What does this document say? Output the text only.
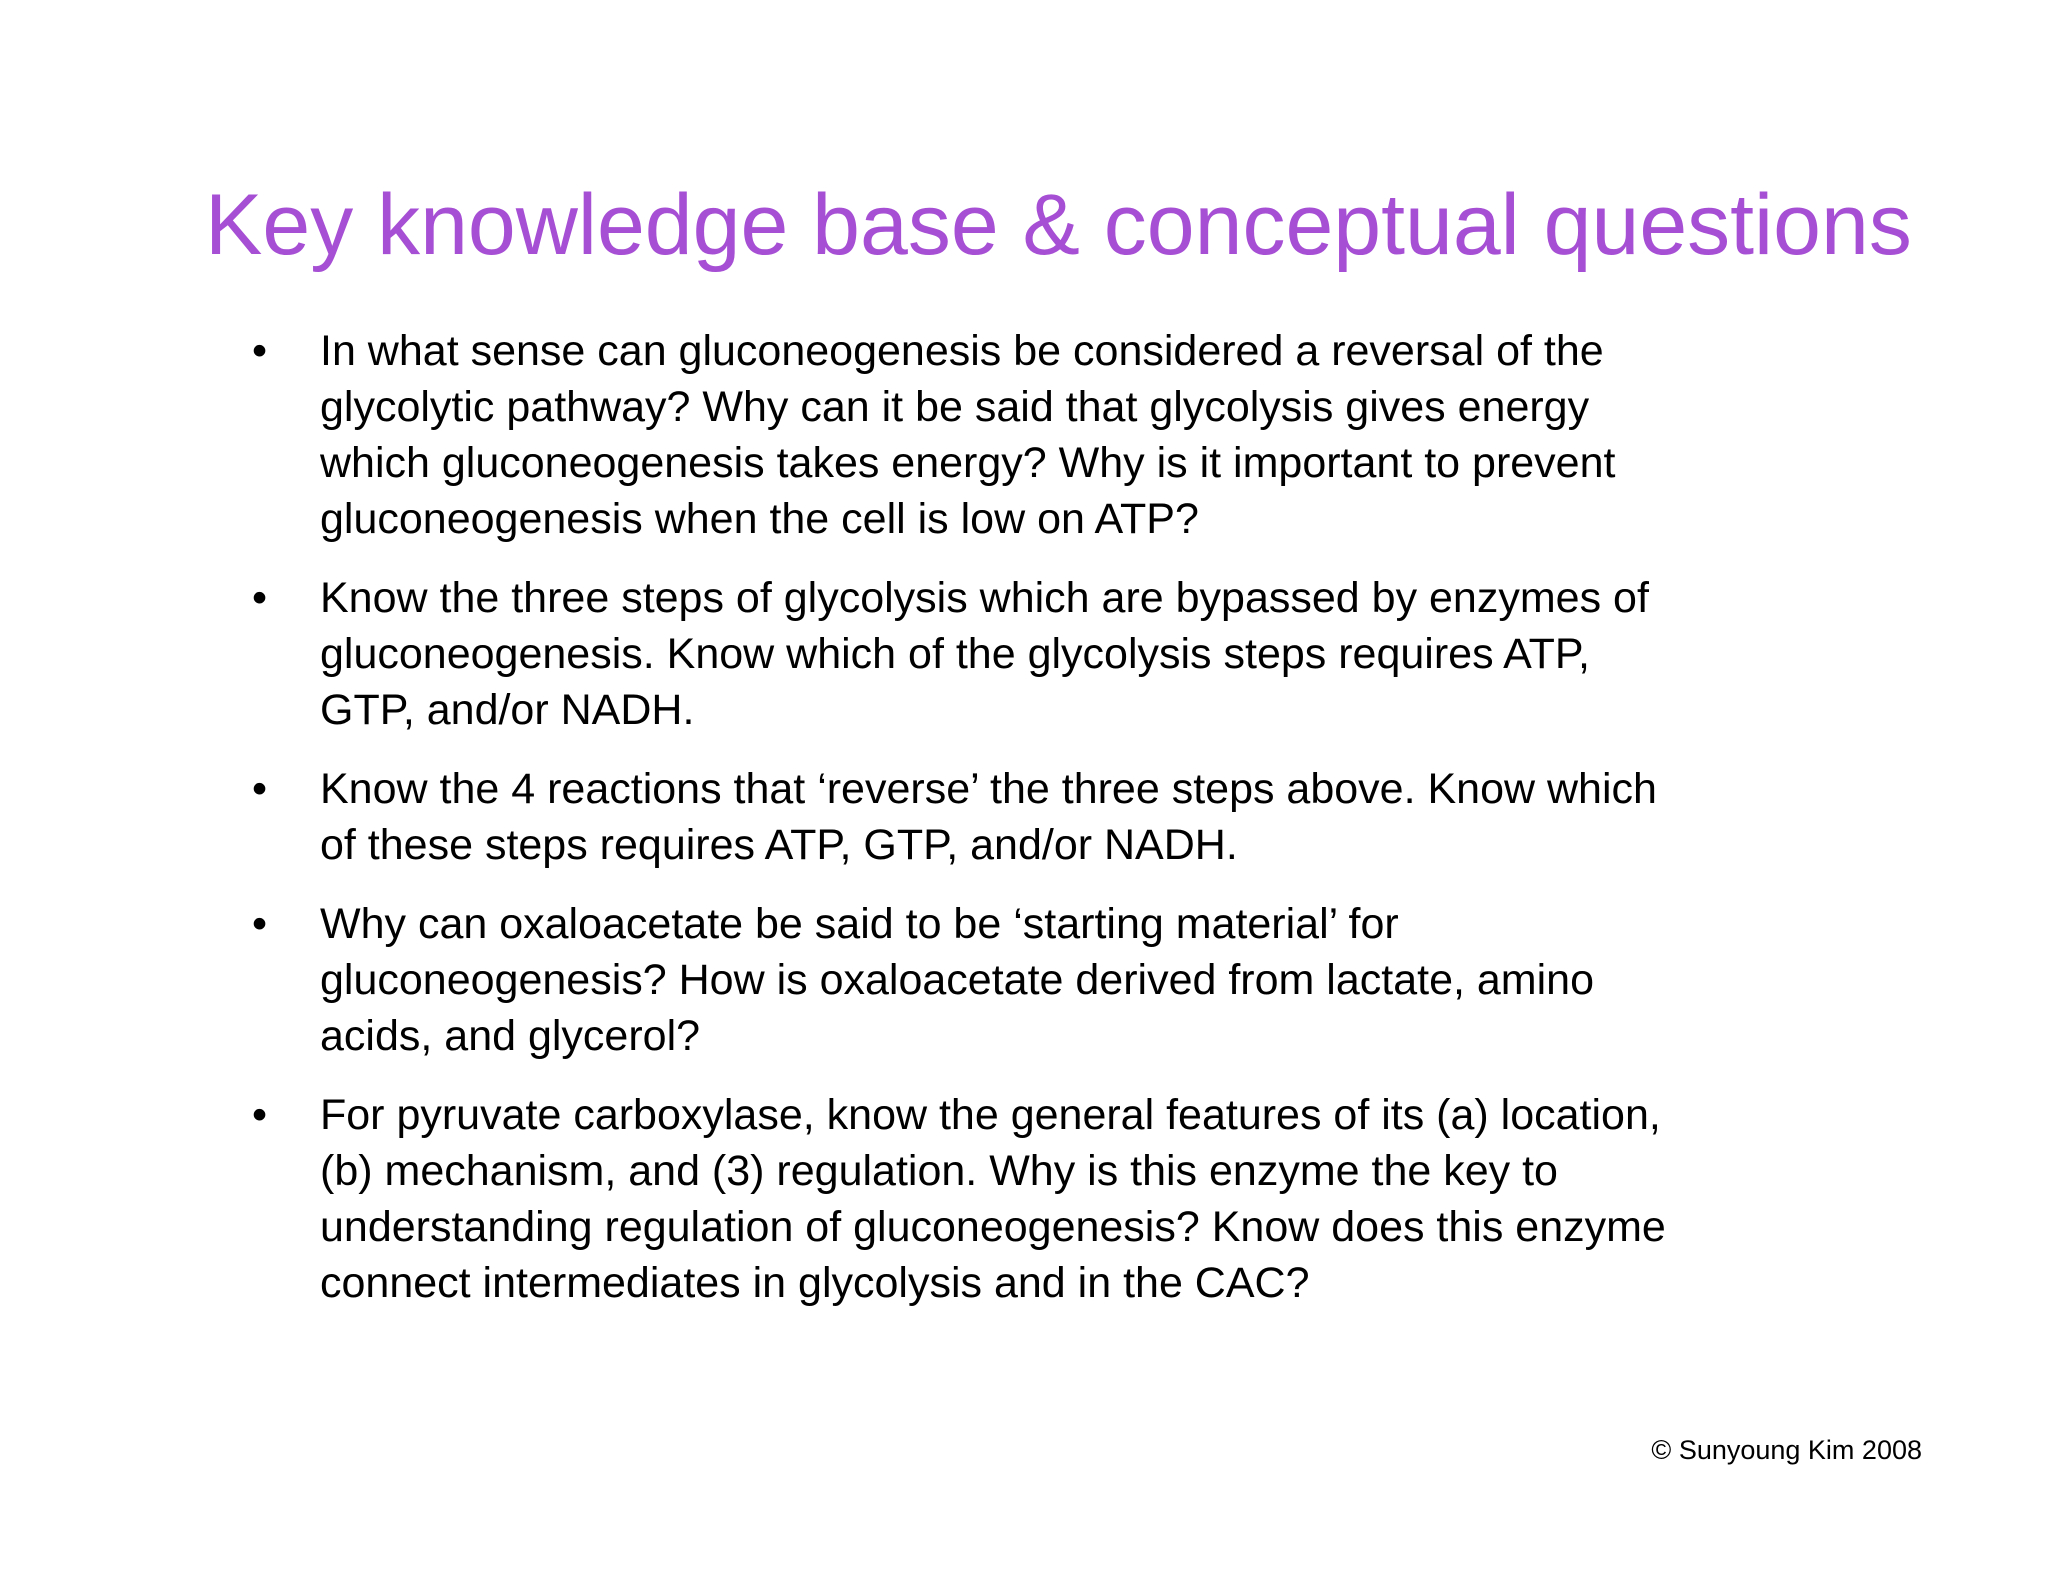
Key knowledge base & conceptual questions
• In what sense can gluconeogenesis be considered a reversal of the
glycolytic pathway? Why can it be said that glycolysis gives energy
which gluconeogenesis takes energy? Why is it important to prevent
gluconeogenesis when the cell is low on ATP?
• Know the three steps of glycolysis which are bypassed by enzymes of
gluconeogenesis. Know which of the glycolysis steps requires ATP,
GTP, and/or NADH.
• Know the 4 reactions that ‘reverse’ the three steps above. Know which
of these steps requires ATP, GTP, and/or NADH.
• Why can oxaloacetate be said to be ‘starting material’ for
gluconeogenesis? How is oxaloacetate derived from lactate, amino
acids, and glycerol?
• For pyruvate carboxylase, know the general features of its (a) location,
(b) mechanism, and (3) regulation. Why is this enzyme the key to
understanding regulation of gluconeogenesis? Know does this enzyme
connect intermediates in glycolysis and in the CAC?
© Sunyoung Kim 2008
